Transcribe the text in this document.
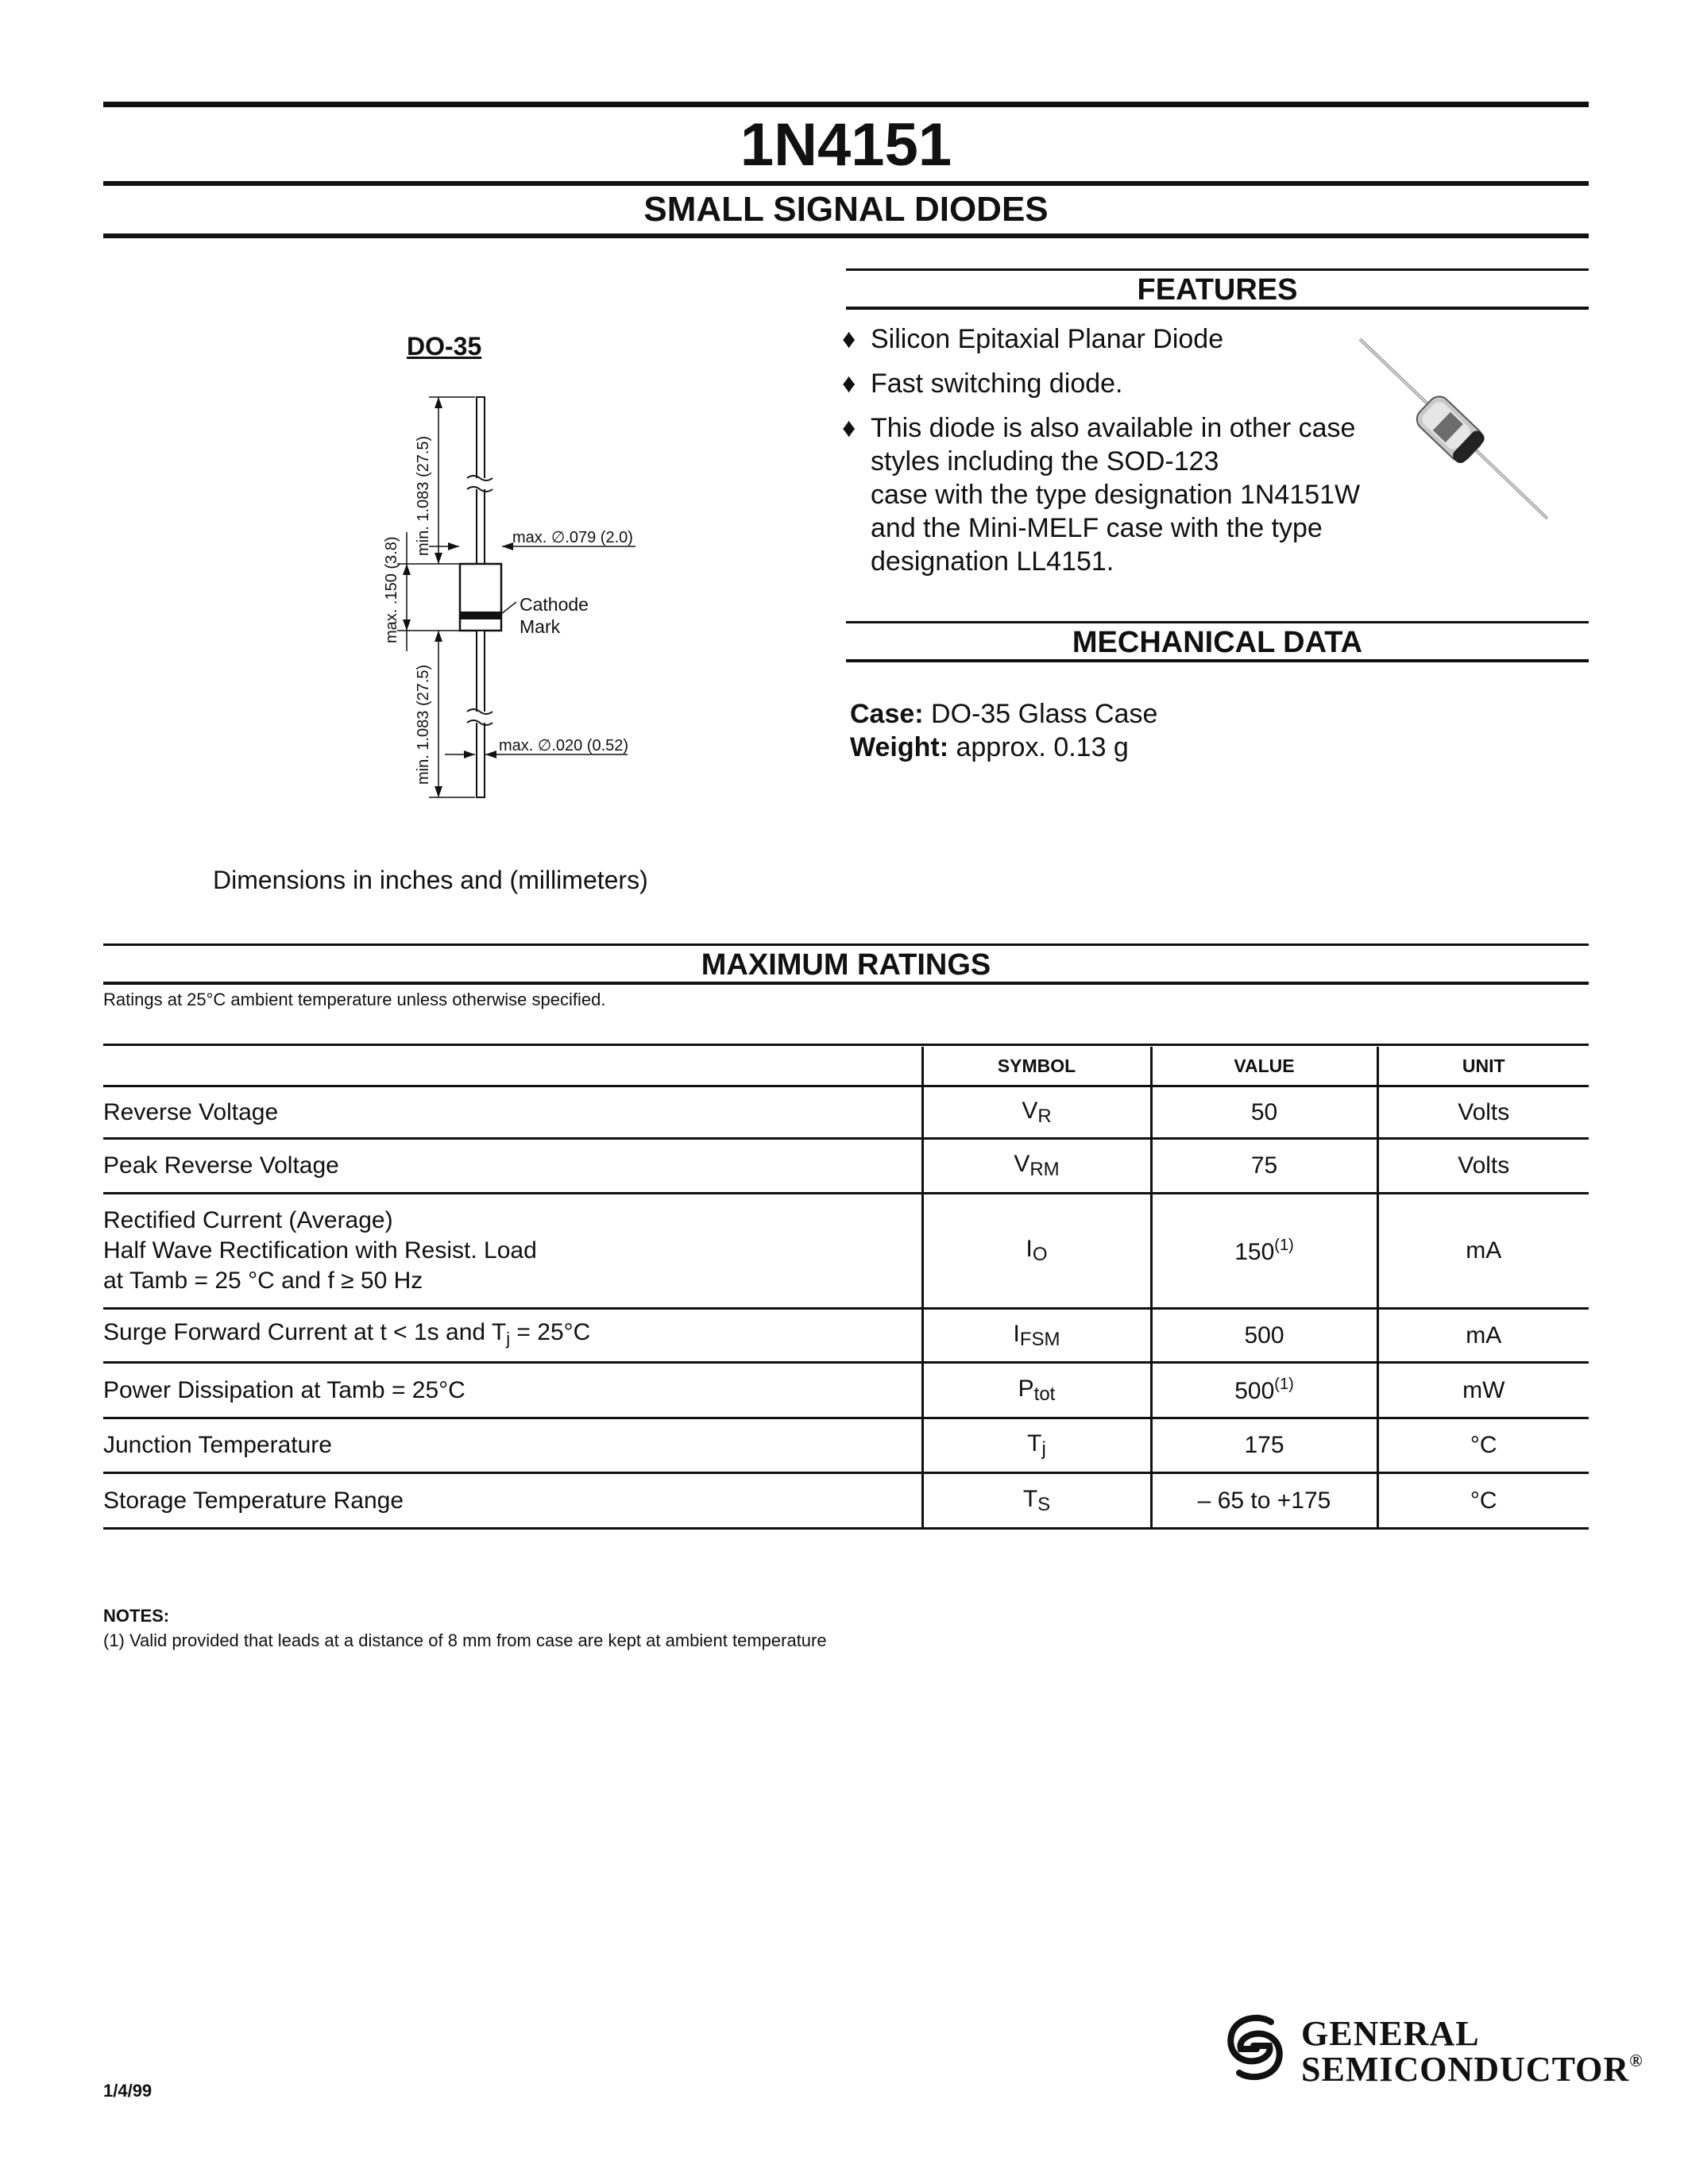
1N4151
SMALL SIGNAL DIODES
DO-35
min. 1.083 (27.5)
max. .150 (3.8)
min. 1.083 (27.5)
max. ∅.079 (2.0)
max. ∅.020 (0.52)
Cathode
Mark
Dimensions in inches and (millimeters)
FEATURES
♦ Silicon Epitaxial Planar Diode
♦ Fast switching diode.
♦ This diode is also available in other case
styles including the SOD-123
case with the type designation 1N4151W
and the Mini-MELF case with the type
designation LL4151.
MECHANICAL DATA
Case: DO-35 Glass Case
Weight: approx. 0.13 g
MAXIMUM RATINGS
Ratings at 25°C ambient temperature unless otherwise specified.
	SYMBOL	VALUE	UNIT
Reverse Voltage	VR	50	Volts
Peak Reverse Voltage	VRM	75	Volts

Rectified Current (Average)
Half Wave Rectification with Resist. Load
at Tamb = 25 °C and f ≥ 50 Hz	IO	150$^{(1)}$	mA
Surge Forward Current at t < 1s and $T_j = 25^\circ C$	IFSM	500	mA
Power Dissipation at Tamb = 25°C	Ptot	500$^{(1)}$	mW
Junction Temperature	Tj	175	°C
Storage Temperature Range	TS	– 65 to +175	°C
NOTES:
(1) Valid provided that leads at a distance of 8 mm from case are kept at ambient temperature
1/4/99
GENERAL
SEMICONDUCTOR®
